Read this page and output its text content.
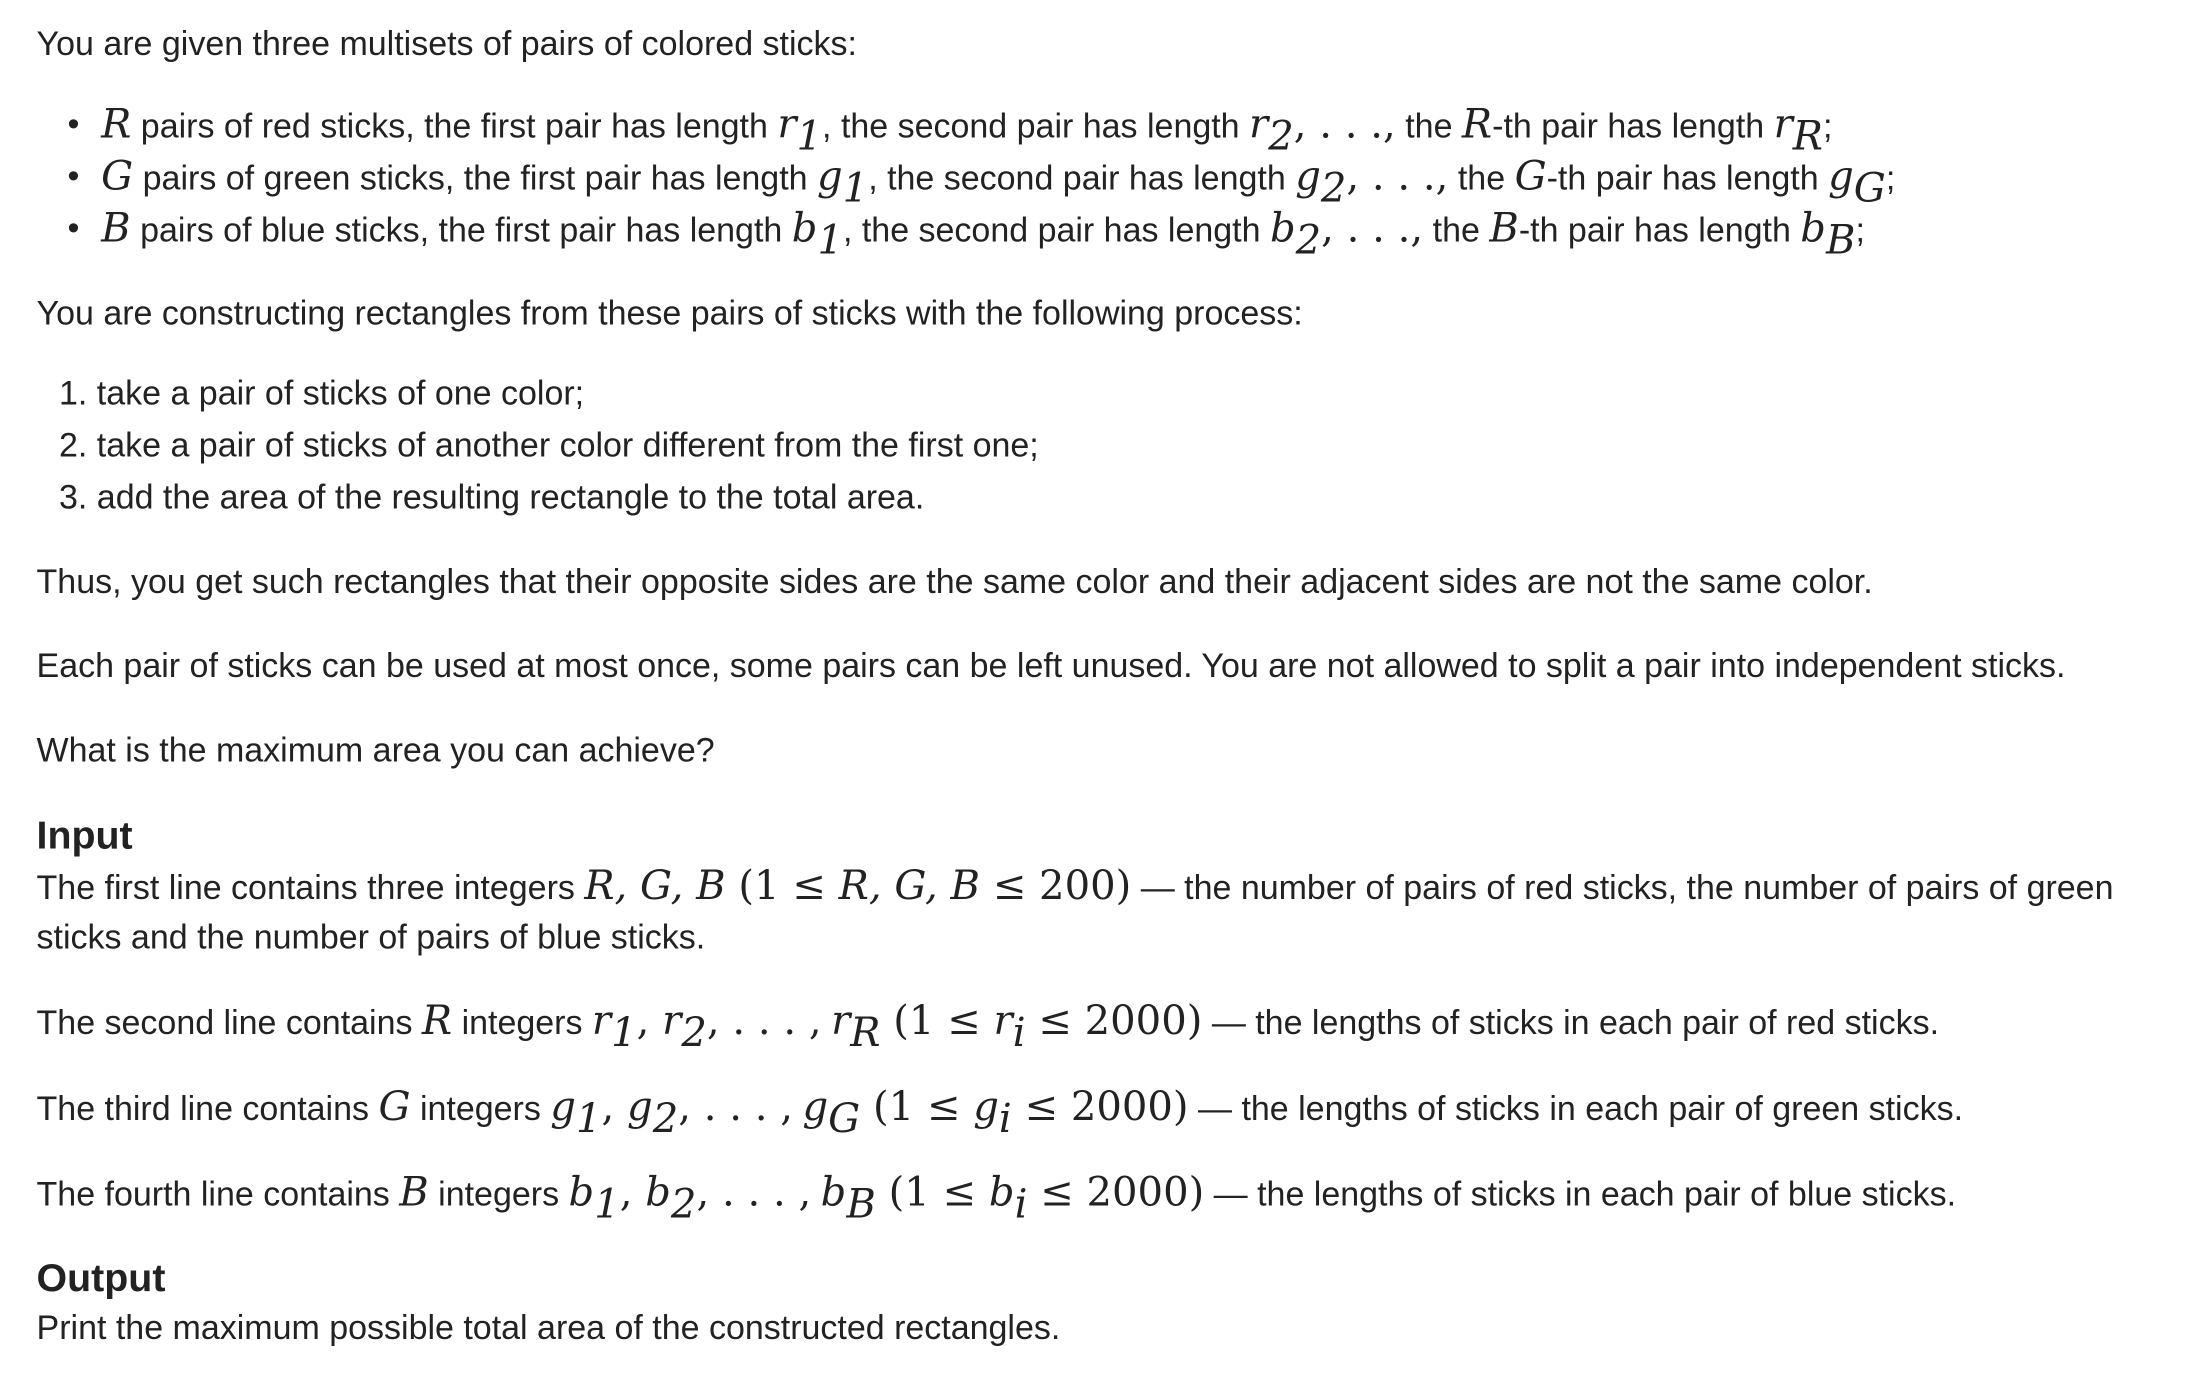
You are given three multisets of pairs of colored sticks:

• R pairs of red sticks, the first pair has length $r_1$, the second pair has length $r_2$, . . ., the R-th pair has length $r_R$;
• G pairs of green sticks, the first pair has length $g_1$, the second pair has length $g_2$, . . ., the G-th pair has length $g_G$;
• B pairs of blue sticks, the first pair has length $b_1$, the second pair has length $b_2$, . . ., the B-th pair has length $b_B$;

You are constructing rectangles from these pairs of sticks with the following process:

1. take a pair of sticks of one color;
2. take a pair of sticks of another color different from the first one;
3. add the area of the resulting rectangle to the total area.

Thus, you get such rectangles that their opposite sides are the same color and their adjacent sides are not the same color.

Each pair of sticks can be used at most once, some pairs can be left unused. You are not allowed to split a pair into independent sticks.

What is the maximum area you can achieve?

Input

The first line contains three integers R, G, B (1 ≤ R, G, B ≤ 200) — the number of pairs of red sticks, the number of pairs of green sticks and the number of pairs of blue sticks.

The second line contains R integers $r_1$, $r_2$, . . . , $r_R$ $(1 \le r_i \le 2000)$ — the lengths of sticks in each pair of red sticks.

The third line contains G integers $g_1$, $g_2$, . . . , $g_G$ $(1 \le g_i \le 2000)$ — the lengths of sticks in each pair of green sticks.

The fourth line contains B integers $b_1$, $b_2$, . . . , $b_B$ $(1 \le b_i \le 2000)$ — the lengths of sticks in each pair of blue sticks.

Output

Print the maximum possible total area of the constructed rectangles.
